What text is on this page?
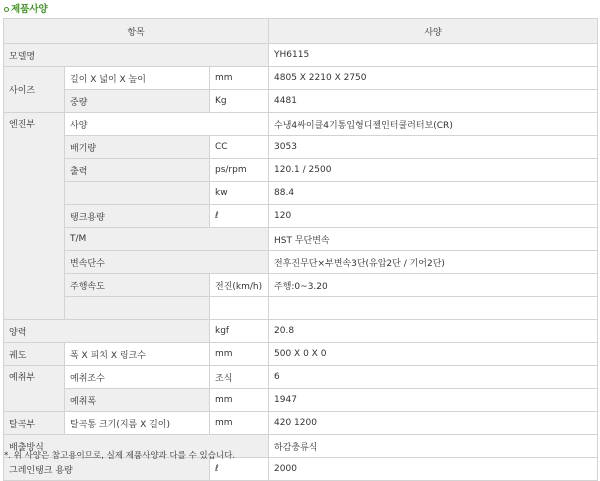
제품사양
항목			사양
모델명			YH6115
사이즈	길이 X 넓이 X 높이	mm	4805 X 2210 X 2750
	중량	Kg	4481
엔진부	사양		수냉4싸이클4기통입형디젤인터쿨러터보(CR)
	배기량	CC	3053
	출력	ps/rpm	120.1 / 2500
		kw	88.4
	탱크용량	ℓ	120
	T/M		HST 무단변속
	변속단수		전후진무단×부변속3단(유압2단 / 기어2단)
	주행속도	전진(km/h)	주행:0~3.20

양력		kgf	20.8
궤도	폭 X 피치 X 링크수	mm	500 X 0 X 0
예취부	예취조수	조식	6
	예취폭	mm	1947
탈곡부	탈곡통 크기(지름 X 길이)	mm	420 1200
배출방식			하감충류식
그레인탱크 용량		ℓ	2000
*. 위 사양은 참고용이므로, 실제 제품사양과 다를 수 있습니다.
